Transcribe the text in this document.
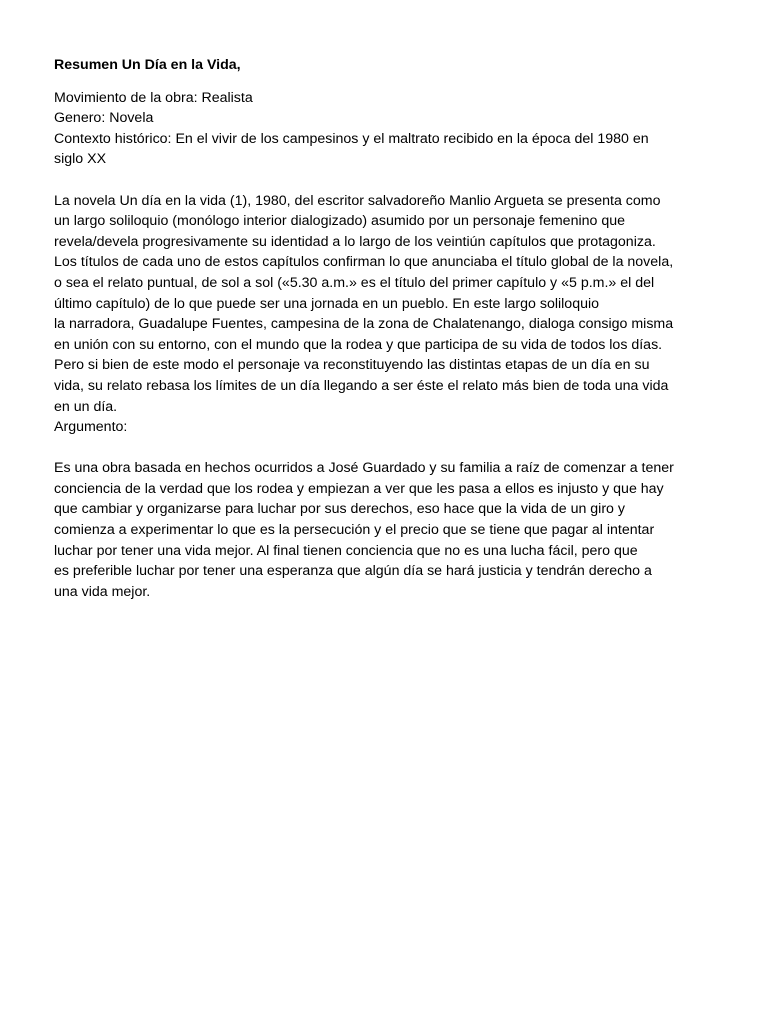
Resumen Un Día en la Vida,
Movimiento de la obra: Realista
Genero: Novela
Contexto histórico: En el vivir de los campesinos y el maltrato recibido en la época del 1980 en
siglo XX
La novela Un día en la vida (1), 1980, del escritor salvadoreño Manlio Argueta se presenta como
un largo soliloquio (monólogo interior dialogizado) asumido por un personaje femenino que
revela/devela progresivamente su identidad a lo largo de los veintiún capítulos que protagoniza.
Los títulos de cada uno de estos capítulos confirman lo que anunciaba el título global de la novela,
o sea el relato puntual, de sol a sol («5.30 a.m.» es el título del primer capítulo y «5 p.m.» el del
último capítulo) de lo que puede ser una jornada en un pueblo. En este largo soliloquio
la narradora, Guadalupe Fuentes, campesina de la zona de Chalatenango, dialoga consigo misma
en unión con su entorno, con el mundo que la rodea y que participa de su vida de todos los días.
Pero si bien de este modo el personaje va reconstituyendo las distintas etapas de un día en su
vida, su relato rebasa los límites de un día llegando a ser éste el relato más bien de toda una vida
en un día.
Argumento:
Es una obra basada en hechos ocurridos a José Guardado y su familia a raíz de comenzar a tener
conciencia de la verdad que los rodea y empiezan a ver que les pasa a ellos es injusto y que hay
que cambiar y organizarse para luchar por sus derechos, eso hace que la vida de un giro y
comienza a experimentar lo que es la persecución y el precio que se tiene que pagar al intentar
luchar por tener una vida mejor. Al final tienen conciencia que no es una lucha fácil, pero que
es preferible luchar por tener una esperanza que algún día se hará justicia y tendrán derecho a
una vida mejor.
